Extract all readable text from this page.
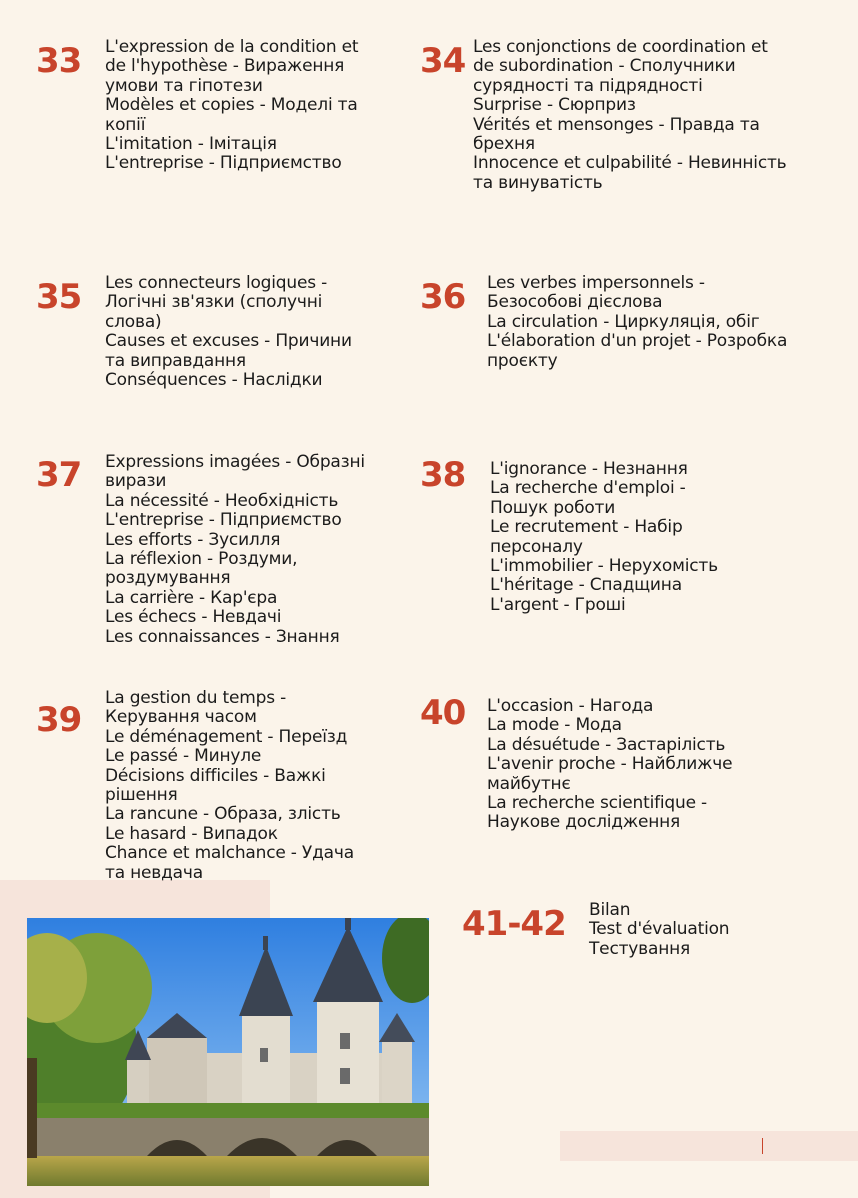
33 L'expression de la condition et
de l'hypothèse - Вираження
умови та гіпотези
Modèles et copies - Моделі та
копії
L'imitation - Імітація
L'entreprise - Підприємство
34 Les conjonctions de coordination et
de subordination - Сполучники
сурядності та підрядності
Surprise - Сюрприз
Vérités et mensonges - Правда та
брехня
Innocence et culpabilité - Невинність
та винуватість
35 Les connecteurs logiques -
Логічні зв'язки (сполучні
слова)
Causes et excuses - Причини
та виправдання
Conséquences - Наслідки
36 Les verbes impersonnels -
Безособові дієслова
La circulation - Циркуляція, обіг
L'élaboration d'un projet - Розробка
проєкту
37 Expressions imagées - Образні
вирази
La nécessité - Необхідність
L'entreprise - Підприємство
Les efforts - Зусилля
La réflexion - Роздуми,
роздумування
La carrière - Кар'єра
Les échecs - Невдачі
Les connaissances - Знання
38 L'ignorance - Незнання
La recherche d'emploi -
Пошук роботи
Le recrutement - Набір
персоналу
L'immobilier - Нерухомість
L'héritage - Спадщина
L'argent - Гроші
39
La gestion du temps -
Керування часом
Le déménagement - Переїзд
Le passé - Минуле
Décisions difficiles - Важкі
рішення
La rancune - Образа, злість
Le hasard - Випадок
Chance et malchance - Удача
та невдача
40 L'occasion - Нагода
La mode - Мода
La désuétude - Застарілість
L'avenir proche - Найближче
майбутнє
La recherche scientifique -
Наукове дослідження
41-42 Bilan
Test d'évaluation
Тестування
